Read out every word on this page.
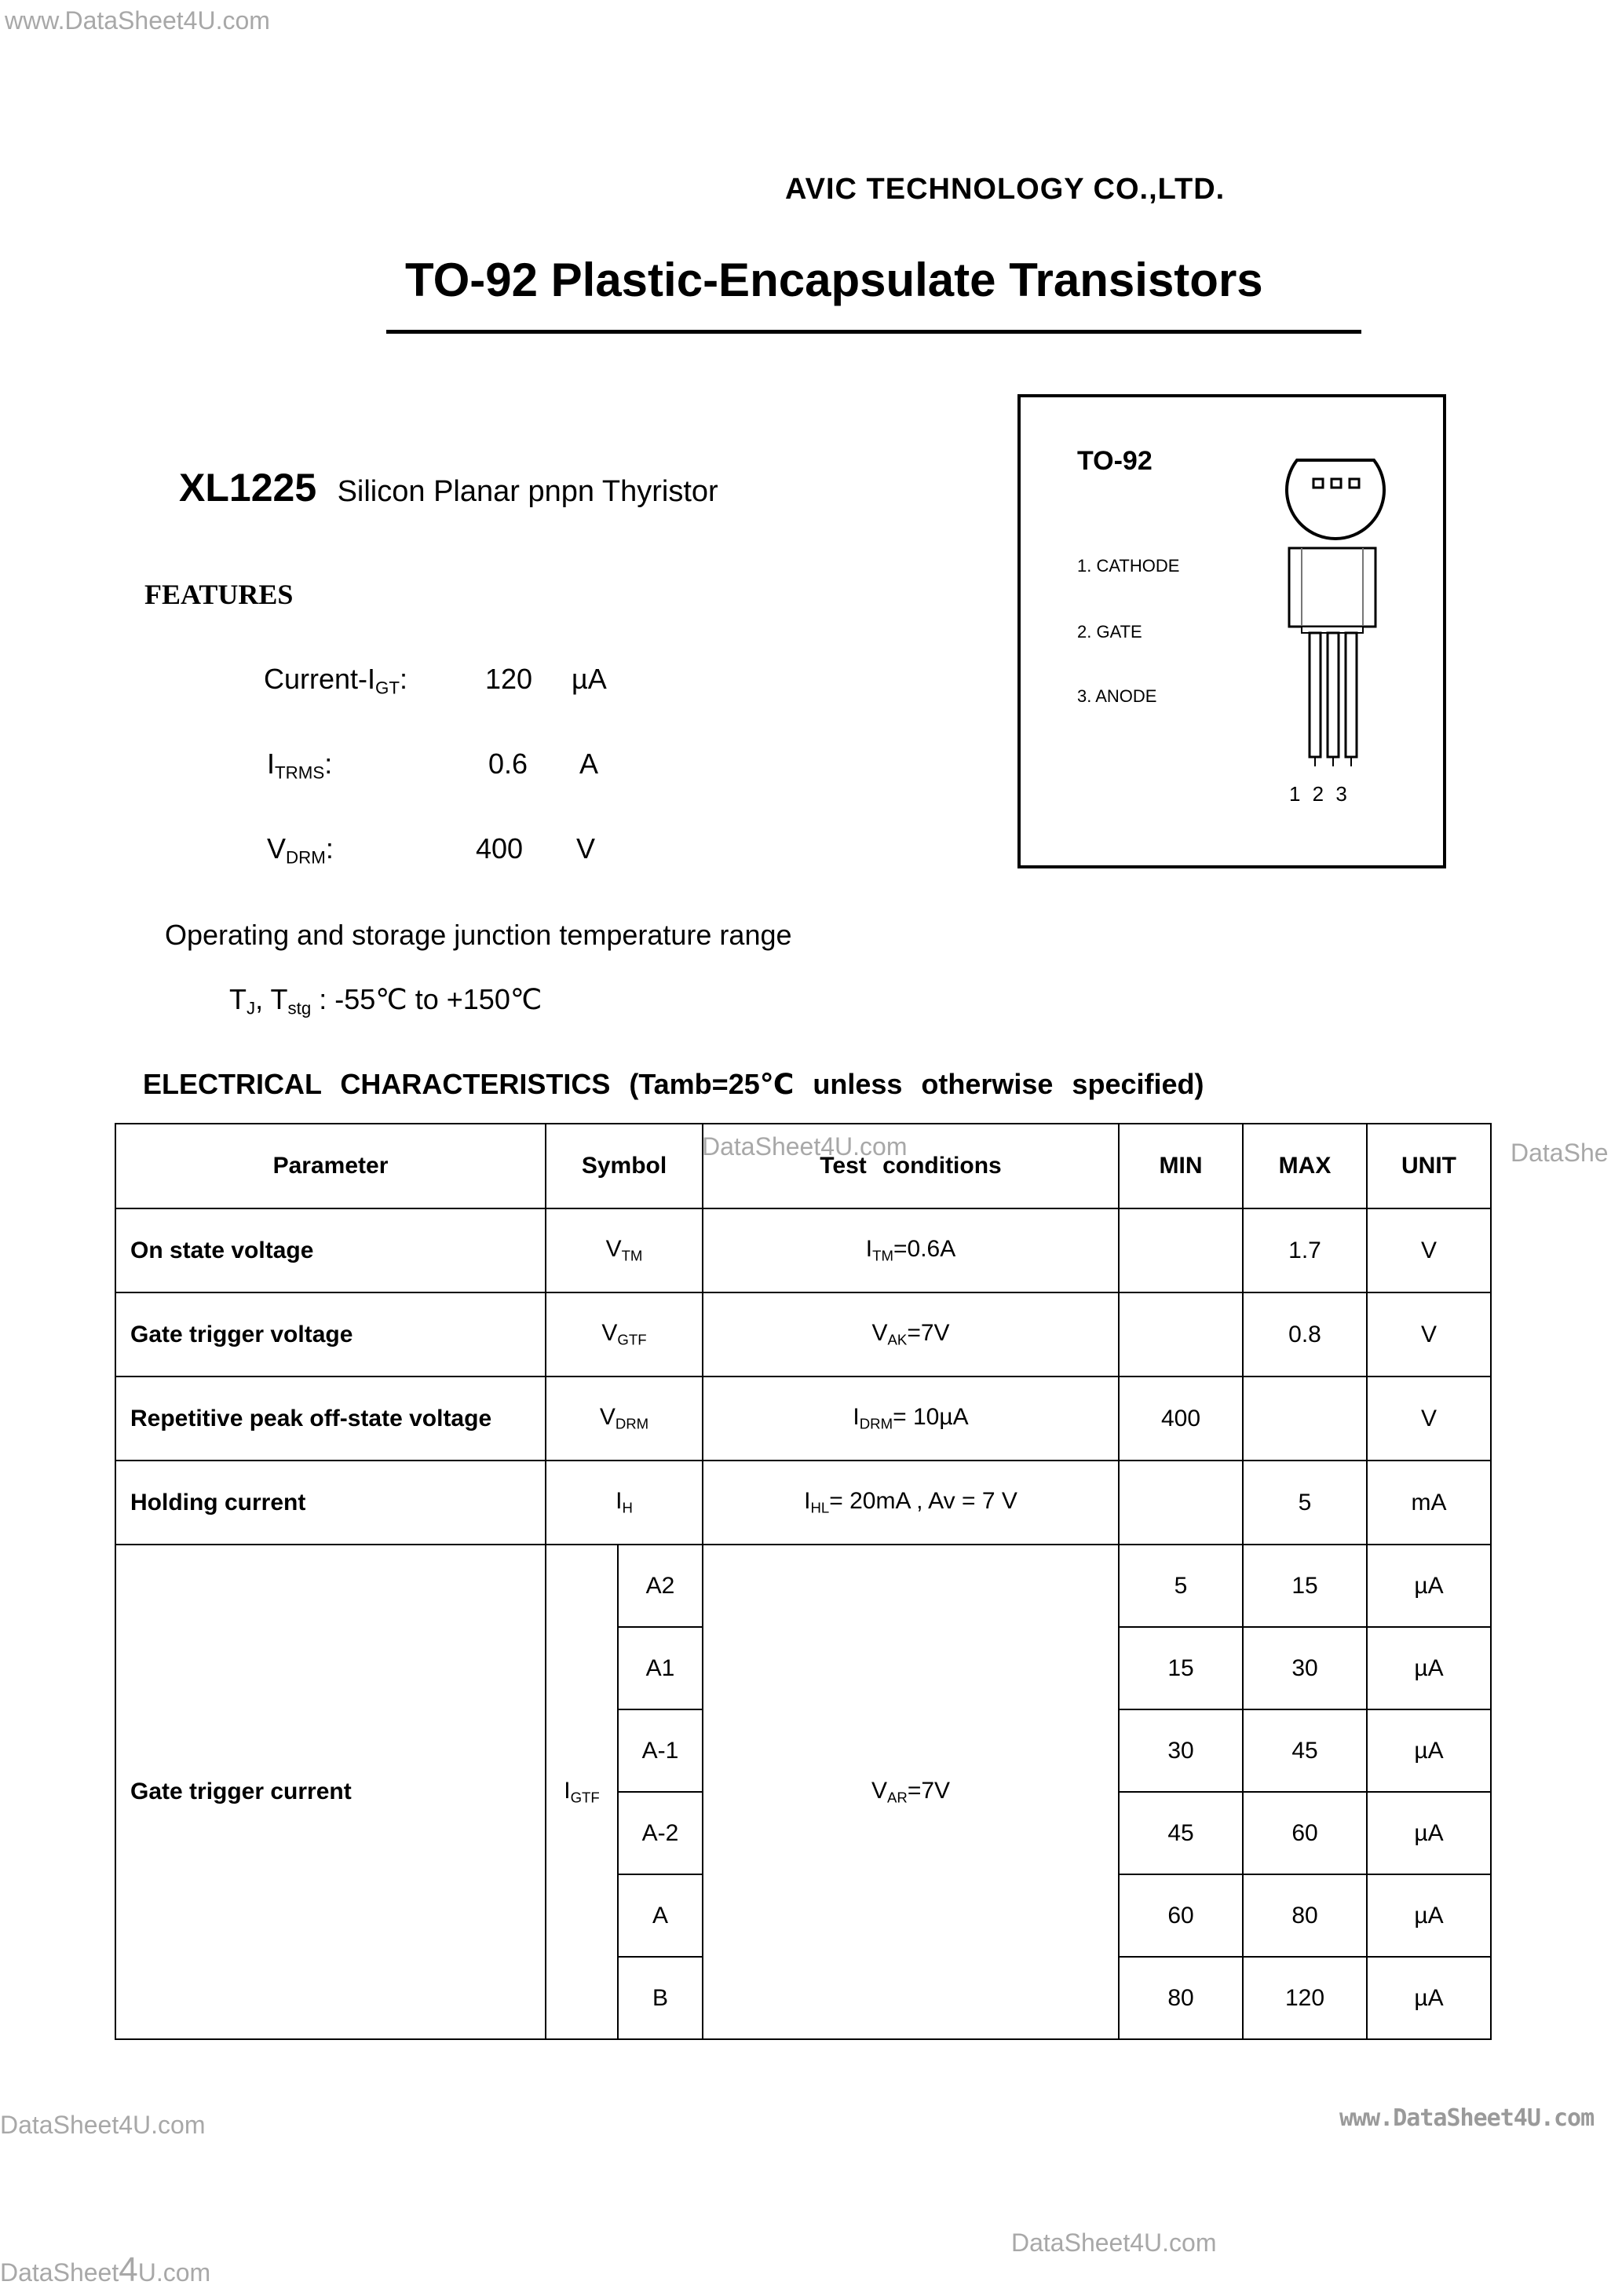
www.DataSheet4U.com
DataSheet4U.com	DataShe
DataSheet4U.com	www.DataSheet4U.com
DataSheet4U.com
DataSheet4U.com
AVIC TECHNOLOGY CO.,LTD.
TO-92 Plastic-Encapsulate Transistors
XL1225 Silicon Planar pnpn Thyristor
FEATURES
Current-$I_{GT}$:	120 µA
$I_{TRMS}$:	0.6 A
$V_{DRM}$:	400 V
Operating and storage junction temperature range
$T_J$, $T_{stg}$ : -55℃ to +150℃
TO-92
1. CATHODE
2. GATE
3. ANODE
1 2 3
ELECTRICAL CHARACTERISTICS (Tamb=25℃ unless otherwise specified)
Parameter	Symbol		Test conditions	MIN	MAX	UNIT
On state voltage	$V_{TM}$		$I_{TM}=0.6A$		1.7	V
Gate trigger voltage	$V_{GTF}$		$V_{AK}=7V$		0.8	V
Repetitive peak off-state voltage	$V_{DRM}$		$I_{DRM}= 10\mu A$	400		V
Holding current	$I_H$		$I_{HL}= 20mA$ , Av = 7 V		5	mA
Gate trigger current	$I_{GTF}$	A2	$V_{AR}=7V$	5	15	µA
		A1		15	30	µA
		A-1		30	45	µA
		A-2		45	60	µA
		A		60	80	µA
		B		80	120	µA
